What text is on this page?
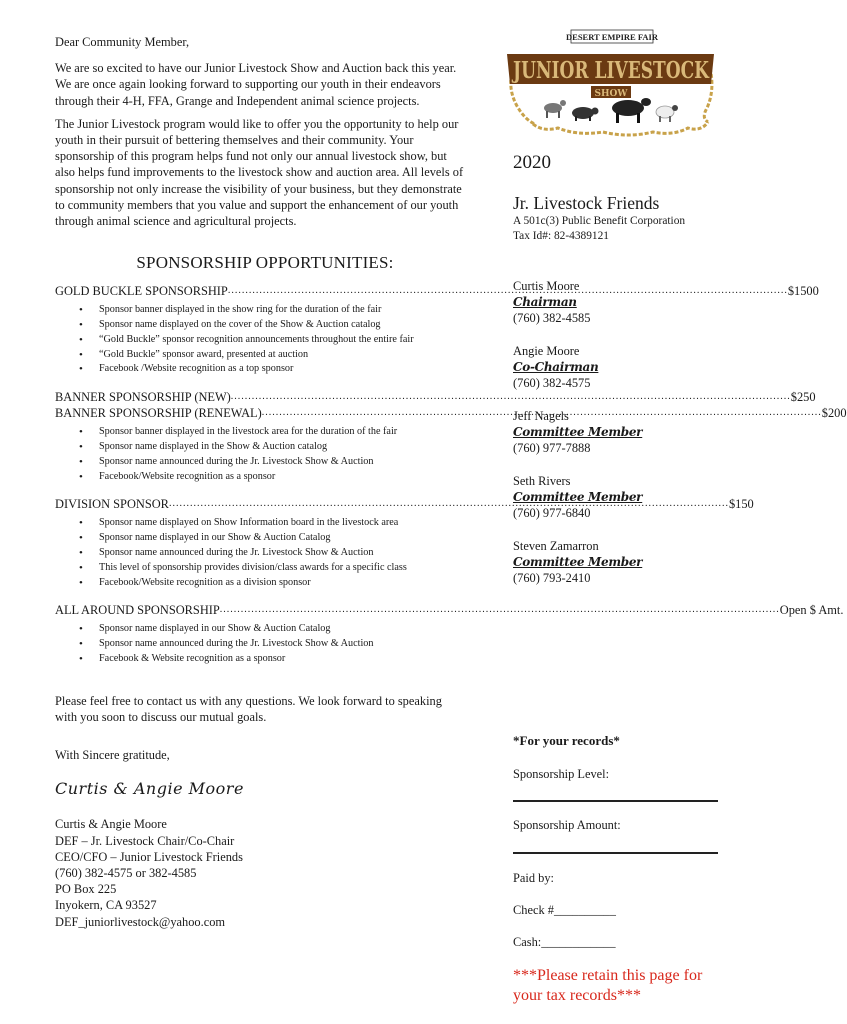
Dear Community Member,

We are so excited to have our Junior Livestock Show and Auction back this year. We are once again looking forward to supporting our youth in their endeavors through their 4-H, FFA, Grange and Independent animal science projects.

The Junior Livestock program would like to offer you the opportunity to help our youth in their pursuit of bettering themselves and their community. Your sponsorship of this program helps fund not only our annual livestock show, but also helps fund improvements to the livestock show and auction area. All levels of sponsorship not only increase the visibility of your business, but they demonstrate to community members that you value and support the enhancement of our youth through animal science and agricultural projects.

SPONSORSHIP OPPORTUNITIES:
GOLD BUCKLE SPONSORSHIP .....	$1500
• Sponsor banner displayed in the show ring for the duration of the fair
• Sponsor name displayed on the cover of the Show & Auction catalog
• “Gold Buckle” sponsor recognition announcements throughout the entire fair
• “Gold Buckle” sponsor award, presented at auction
• Facebook /Website recognition as a top sponsor
BANNER SPONSORSHIP (NEW) .....	$250
BANNER SPONSORSHIP (RENEWAL) .....	$200
• Sponsor banner displayed in the livestock area for the duration of the fair
• Sponsor name displayed in the Show & Auction catalog
• Sponsor name announced during the Jr. Livestock Show & Auction
• Facebook/Website recognition as a sponsor
DIVISION SPONSOR .....	$150
• Sponsor name displayed on Show Information board in the livestock area
• Sponsor name displayed in our Show & Auction Catalog
• Sponsor name announced during the Jr. Livestock Show & Auction
• This level of sponsorship provides division/class awards for a specific class
• Facebook/Website recognition as a division sponsor
ALL AROUND SPONSORSHIP .....	Open $ Amt.
• Sponsor name displayed in our Show & Auction Catalog
• Sponsor name announced during the Jr. Livestock Show & Auction
• Facebook & Website recognition as a sponsor

Please feel free to contact us with any questions. We look forward to speaking with you soon to discuss our mutual goals.

With Sincere gratitude,

Curtis & Angie Moore
Curtis & Angie Moore
DEF – Jr. Livestock Chair/Co-Chair
CEO/CFO – Junior Livestock Friends
(760) 382-4575 or 382-4585
PO Box 225
Inyokern, CA 93527
DEF_juniorlivestock@yahoo.com
DESERT EMPIRE FAIR
JUNIOR LIVESTOCK
SHOW
2020
Jr. Livestock Friends
A 501c(3) Public Benefit Corporation
Tax Id#: 82-4389121
Curtis Moore
Chairman
(760) 382-4585
Angie Moore
Co-Chairman
(760) 382-4575
Jeff Nagels
Committee Member
(760) 977-7888
Seth Rivers
Committee Member
(760) 977-6840
Steven Zamarron
Committee Member
(760) 793-2410
*For your records*
Sponsorship Level:
Sponsorship Amount:
Paid by:
Check #__________
Cash:____________
***Please retain this page for your tax records***
